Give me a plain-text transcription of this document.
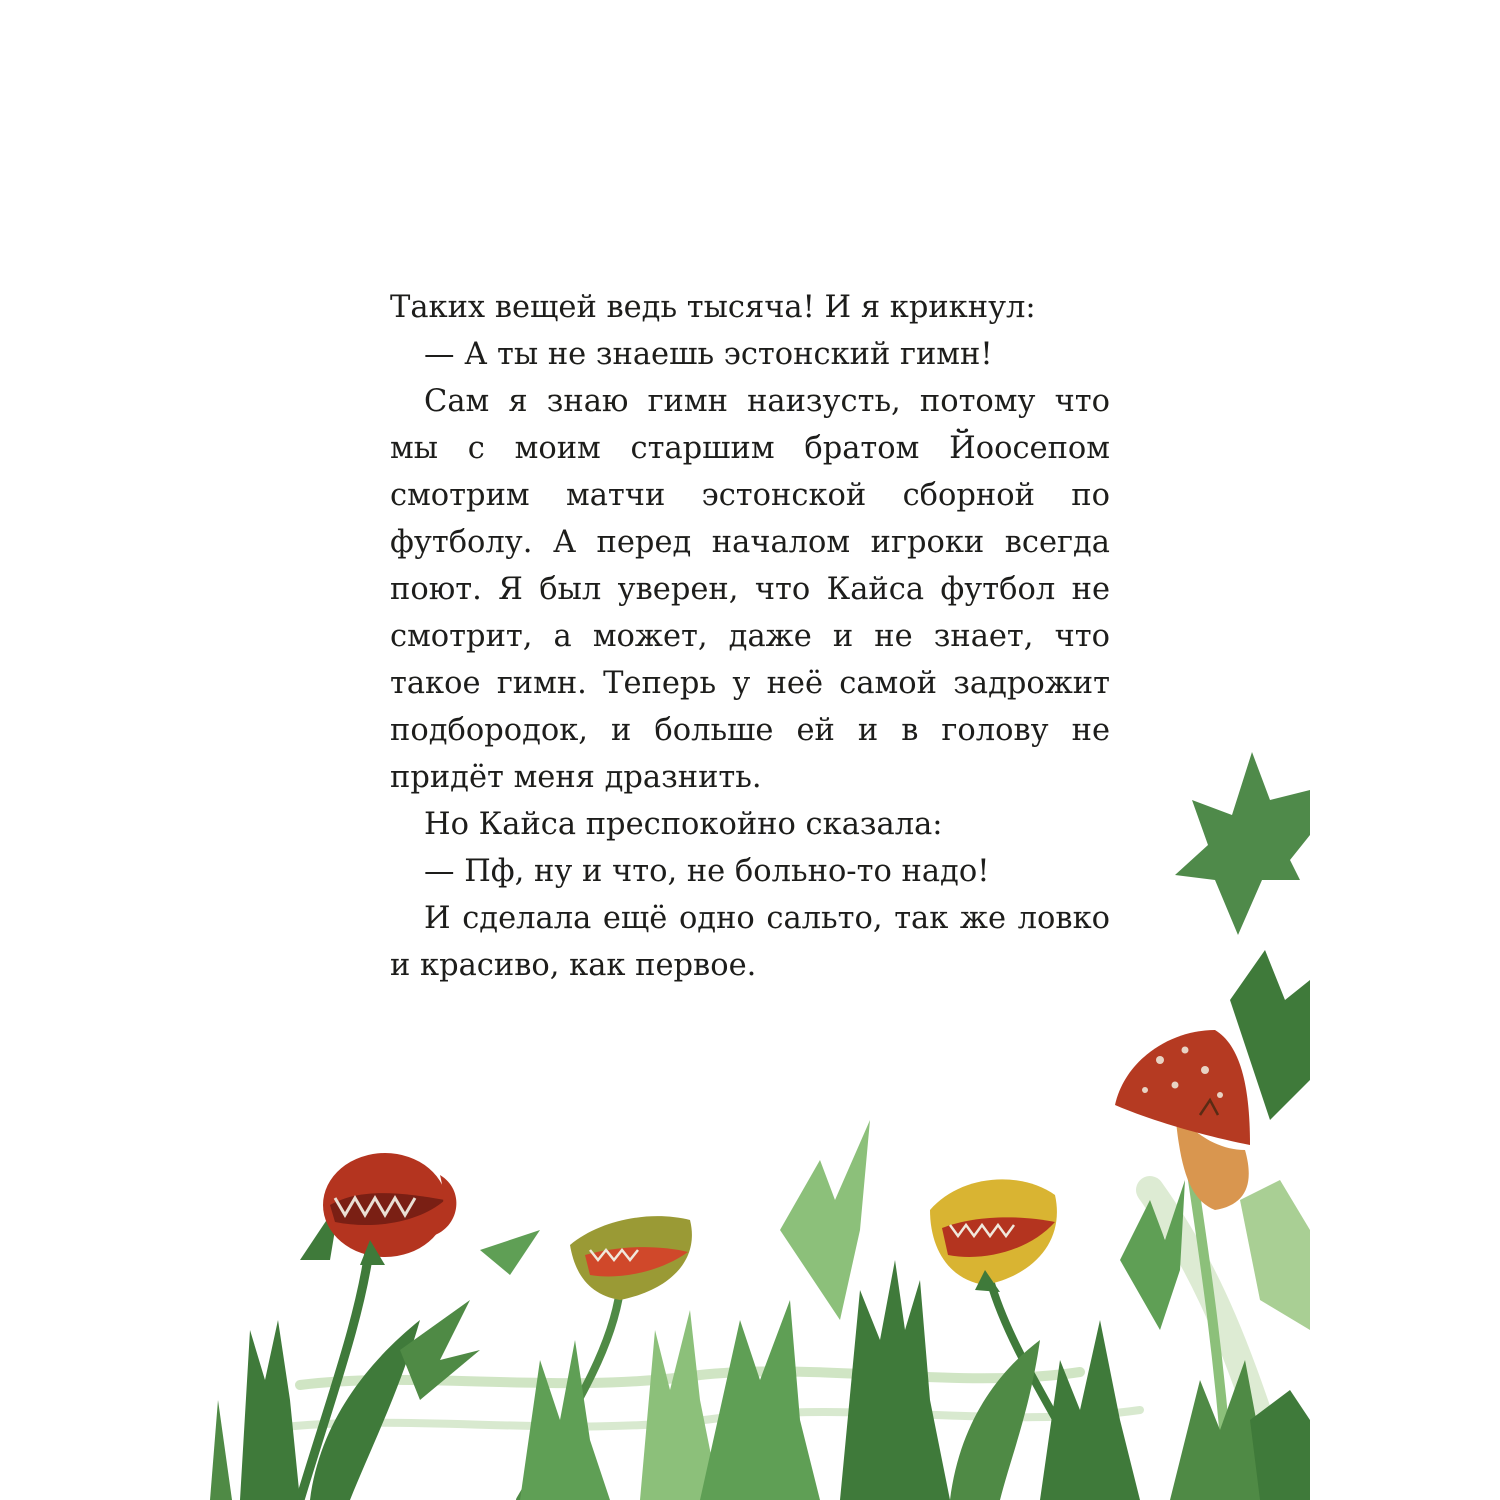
Таких вещей ведь тысяча! И я крикнул:

— А ты не знаешь эстонский гимн!

Сам я знаю гимн наизусть, потому что мы с моим старшим братом Йоосепом смотрим матчи эстонской сборной по футболу. А перед началом игроки всегда поют. Я был уверен, что Кайса футбол не смотрит, а может, даже и не знает, что такое гимн. Теперь у неё самой задрожит подбородок, и больше ей и в голову не придёт меня дразнить.

Но Кайса преспокойно сказала:

— Пф, ну и что, не больно-то надо!

И сделала ещё одно сальто, так же ловко и красиво, как первое.
